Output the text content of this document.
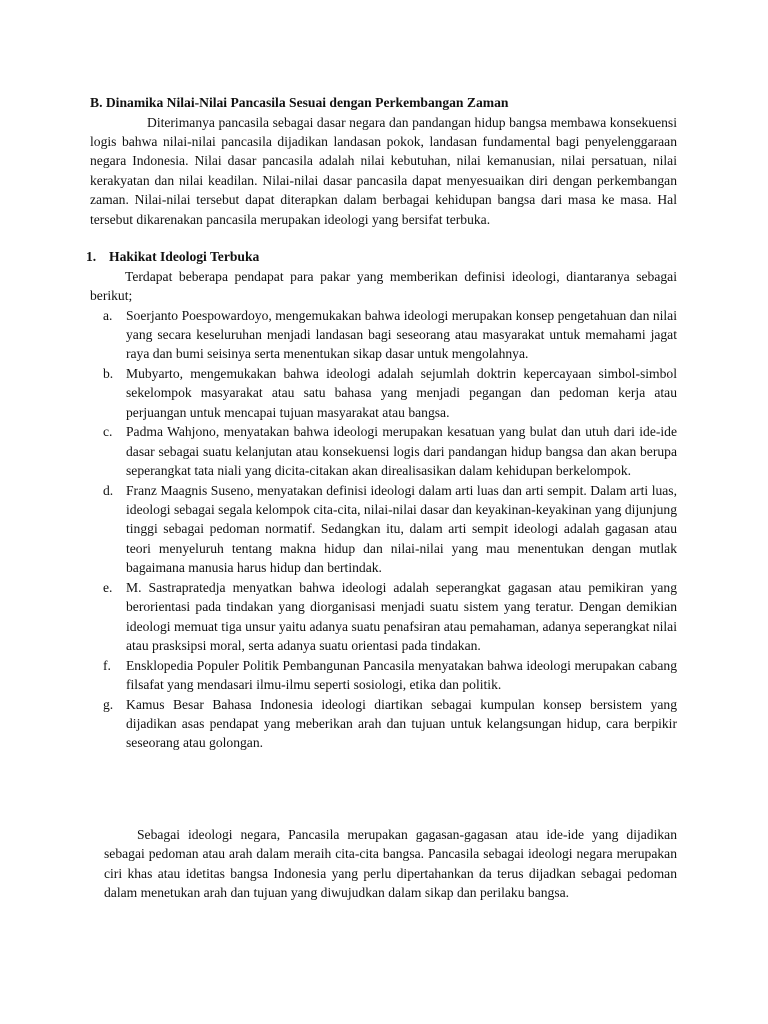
B. Dinamika Nilai-Nilai Pancasila Sesuai dengan Perkembangan Zaman

Diterimanya pancasila sebagai dasar negara dan pandangan hidup bangsa membawa konsekuensi logis bahwa nilai-nilai pancasila dijadikan landasan pokok, landasan fundamental bagi penyelenggaraan negara Indonesia. Nilai dasar pancasila adalah nilai kebutuhan, nilai kemanusian, nilai persatuan, nilai kerakyatan dan nilai keadilan. Nilai-nilai dasar pancasila dapat menyesuaikan diri dengan perkembangan zaman. Nilai-nilai tersebut dapat diterapkan dalam berbagai kehidupan bangsa dari masa ke masa. Hal tersebut dikarenakan pancasila merupakan ideologi yang bersifat terbuka.

1. Hakikat Ideologi Terbuka

Terdapat beberapa pendapat para pakar yang memberikan definisi ideologi, diantaranya sebagai berikut;

a. Soerjanto Poespowardoyo, mengemukakan bahwa ideologi merupakan konsep pengetahuan dan nilai yang secara keseluruhan menjadi landasan bagi seseorang atau masyarakat untuk memahami jagat raya dan bumi seisinya serta menentukan sikap dasar untuk mengolahnya.
b. Mubyarto, mengemukakan bahwa ideologi adalah sejumlah doktrin kepercayaan simbol-simbol sekelompok masyarakat atau satu bahasa yang menjadi pegangan dan pedoman kerja atau perjuangan untuk mencapai tujuan masyarakat atau bangsa.
c. Padma Wahjono, menyatakan bahwa ideologi merupakan kesatuan yang bulat dan utuh dari ide-ide dasar sebagai suatu kelanjutan atau konsekuensi logis dari pandangan hidup bangsa dan akan berupa seperangkat tata niali yang dicita-citakan akan direalisasikan dalam kehidupan berkelompok.
d. Franz Maagnis Suseno, menyatakan definisi ideologi dalam arti luas dan arti sempit. Dalam arti luas, ideologi sebagai segala kelompok cita-cita, nilai-nilai dasar dan keyakinan-keyakinan yang dijunjung tinggi sebagai pedoman normatif. Sedangkan itu, dalam arti sempit ideologi adalah gagasan atau teori menyeluruh tentang makna hidup dan nilai-nilai yang mau menentukan dengan mutlak bagaimana manusia harus hidup dan bertindak.
e. M. Sastrapratedja menyatkan bahwa ideologi adalah seperangkat gagasan atau pemikiran yang berorientasi pada tindakan yang diorganisasi menjadi suatu sistem yang teratur. Dengan demikian ideologi memuat tiga unsur yaitu adanya suatu penafsiran atau pemahaman, adanya seperangkat nilai atau prasksipsi moral, serta adanya suatu orientasi pada tindakan.
f. Ensklopedia Populer Politik Pembangunan Pancasila menyatakan bahwa ideologi merupakan cabang filsafat yang mendasari ilmu-ilmu seperti sosiologi, etika dan politik.
g. Kamus Besar Bahasa Indonesia ideologi diartikan sebagai kumpulan konsep bersistem yang dijadikan asas pendapat yang meberikan arah dan tujuan untuk kelangsungan hidup, cara berpikir seseorang atau golongan.

Sebagai ideologi negara, Pancasila merupakan gagasan-gagasan atau ide-ide yang dijadikan sebagai pedoman atau arah dalam meraih cita-cita bangsa. Pancasila sebagai ideologi negara merupakan ciri khas atau idetitas bangsa Indonesia yang perlu dipertahankan da terus dijadkan sebagai pedoman dalam menetukan arah dan tujuan yang diwujudkan dalam sikap dan perilaku bangsa.
